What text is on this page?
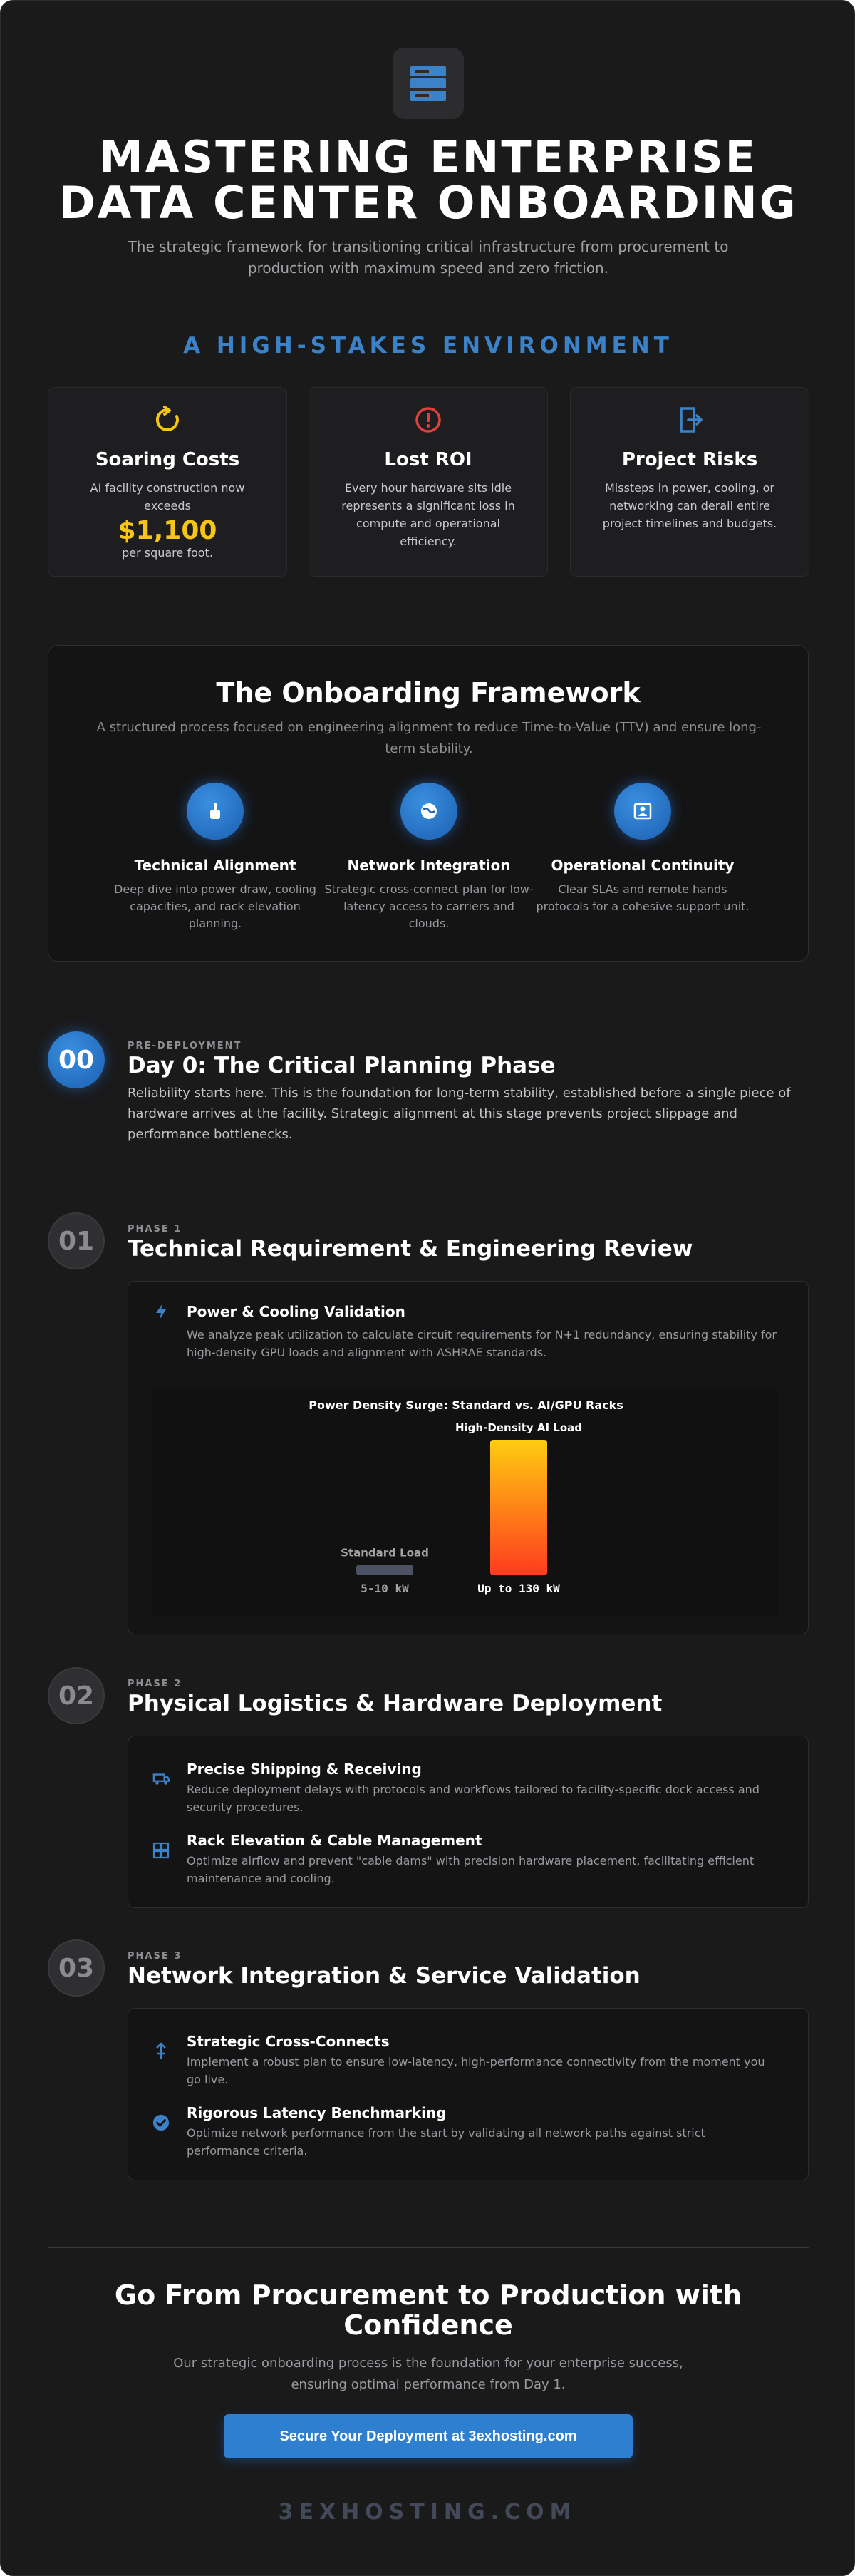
MASTERING ENTERPRISE
DATA CENTER ONBOARDING
The strategic framework for transitioning critical infrastructure from procurement to production with maximum speed and zero friction.
A HIGH-STAKES ENVIRONMENT
Soaring Costs

AI facility construction now exceeds

$1,100
per square foot.
Lost ROI

Every hour hardware sits idle represents a significant loss in compute and operational efficiency.

Project Risks

Missteps in power, cooling, or networking can derail entire project timelines and budgets.

The Onboarding Framework
A structured process focused on engineering alignment to reduce Time-to-Value (TTV) and ensure long-term stability.
Technical Alignment

Deep dive into power draw, cooling capacities, and rack elevation planning.

Network Integration

Strategic cross-connect plan for low-latency access to carriers and clouds.

Operational Continuity

Clear SLAs and remote hands protocols for a cohesive support unit.

00	PRE-DEPLOYMENT
Day 0: The Critical Planning Phase
Reliability starts here. This is the foundation for long-term stability, established before a single piece of hardware arrives at the facility. Strategic alignment at this stage prevents project slippage and performance bottlenecks.
01	PHASE 1
Technical Requirement & Engineering Review
Power & Cooling Validation

We analyze peak utilization to calculate circuit requirements for N+1 redundancy, ensuring stability for high-density GPU loads and alignment with ASHRAE standards.

Power Density Surge: Standard vs. AI/GPU Racks
Standard Load
5-10 kW
High-Density AI Load
Up to 130 kW
02	PHASE 2
Physical Logistics & Hardware Deployment
Precise Shipping & Receiving

Reduce deployment delays with protocols and workflows tailored to facility-specific dock access and security procedures.

Rack Elevation & Cable Management

Optimize airflow and prevent "cable dams" with precision hardware placement, facilitating efficient maintenance and cooling.

03	PHASE 3
Network Integration & Service Validation
Strategic Cross-Connects

Implement a robust plan to ensure low-latency, high-performance connectivity from the moment you go live.

Rigorous Latency Benchmarking

Optimize network performance from the start by validating all network paths against strict performance criteria.

Go From Procurement to Production with
Confidence
Our strategic onboarding process is the foundation for your enterprise success, ensuring optimal performance from Day 1.
Secure Your Deployment at 3exhosting.com
3EXHOSTING.COM
